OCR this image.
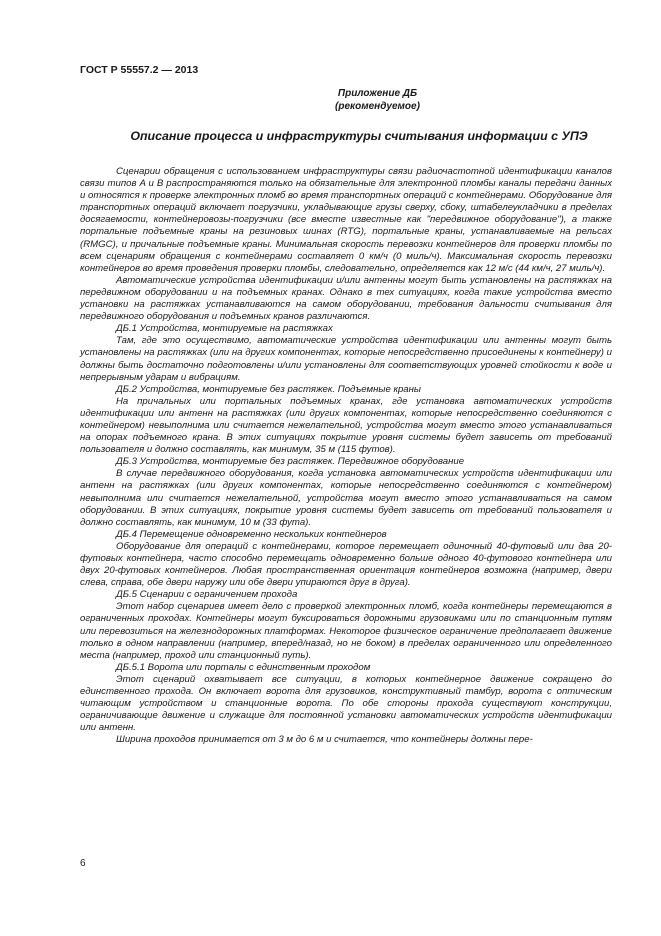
ГОСТ Р 55557.2 — 2013
Приложение ДБ
(рекомендуемое)
Описание процесса и инфраструктуры считывания информации с УПЭ

Сценарии обращения с использованием инфраструктуры связи радиочастотной идентификации каналов связи типов A и B распространяются только на обязательные для электронной пломбы каналы передачи данных и относятся к проверке электронных пломб во время транспортных операций с контейнерами. Оборудование для транспортных операций включает погрузчики, укладывающие грузы сверху, сбоку, штабелеукладчики в пределах досягаемости, контейнеровозы-погрузчики (все вместе известные как "передвижное оборудование"), а также портальные подъемные краны на резиновых шинах (RTG), портальные краны, устанавливаемые на рельсах (RMGC), и причальные подъемные краны. Минимальная скорость перевозки контейнеров для проверки пломбы по всем сценариям обращения с контейнерами составляет 0 км/ч (0 миль/ч). Максимальная скорость перевозки контейнеров во время проведения проверки пломбы, следовательно, определяется как 12 м/с (44 км/ч, 27 миль/ч).

Автоматические устройства идентификации и/или антенны могут быть установлены на растяжках на передвижном оборудовании и на подъемных кранах. Однако в тех ситуациях, когда такие устройства вместо установки на растяжках устанавливаются на самом оборудовании, требования дальности считывания для передвижного оборудования и подъемных кранов различаются.

ДБ.1 Устройства, монтируемые на растяжках

Там, где это осуществимо, автоматические устройства идентификации или антенны могут быть установлены на растяжках (или на других компонентах, которые непосредственно присоединены к контейнеру) и должны быть достаточно подготовлены и/или установлены для соответствующих уровней стойкости к воде и непрерывным ударам и вибрациям.

ДБ.2 Устройства, монтируемые без растяжек. Подъемные краны

На причальных или портальных подъемных кранах, где установка автоматических устройств идентификации или антенн на растяжках (или других компонентах, которые непосредственно соединяются с контейнером) невыполнима или считается нежелательной, устройства могут вместо этого устанавливаться на опорах подъемного крана. В этих ситуациях покрытие уровня системы будет зависеть от требований пользователя и должно составлять, как минимум, 35 м (115 футов).

ДБ.3 Устройства, монтируемые без растяжек. Передвижное оборудование

В случае передвижного оборудования, когда установка автоматических устройств идентификации или антенн на растяжках (или других компонентах, которые непосредственно соединяются с контейнером) невыполнима или считается нежелательной, устройства могут вместо этого устанавливаться на самом оборудовании. В этих ситуациях, покрытие уровня системы будет зависеть от требований пользователя и должно составлять, как минимум, 10 м (33 фута).

ДБ.4 Перемещение одновременно нескольких контейнеров

Оборудование для операций с контейнерами, которое перемещает одиночный 40-футовый или два 20-футовых контейнера, часто способно перемещать одновременно больше одного 40-футового контейнера или двух 20-футовых контейнеров. Любая пространственная ориентация контейнеров возможна (например, двери слева, справа, обе двери наружу или обе двери упираются друг в друга).

ДБ.5 Сценарии с ограничением прохода

Этот набор сценариев имеет дело с проверкой электронных пломб, когда контейнеры перемещаются в ограниченных проходах. Контейнеры могут буксироваться дорожными грузовиками или по станционным путям или перевозиться на железнодорожных платформах. Некоторое физическое ограничение предполагает движение только в одном направлении (например, вперед/назад, но не боком) в пределах ограниченного или определенного места (например, проход или станционный путь).

ДБ.5.1 Ворота или порталы с единственным проходом

Этот сценарий охватывает все ситуации, в которых контейнерное движение сокращено до единственного прохода. Он включает ворота для грузовиков, конструктивный тамбур, ворота с оптическим читающим устройством и станционные ворота. По обе стороны прохода существуют конструкции, ограничивающие движение и служащие для постоянной установки автоматических устройств идентификации или антенн.

Ширина проходов принимается от 3 м до 6 м и считается, что контейнеры должны пере-

6
